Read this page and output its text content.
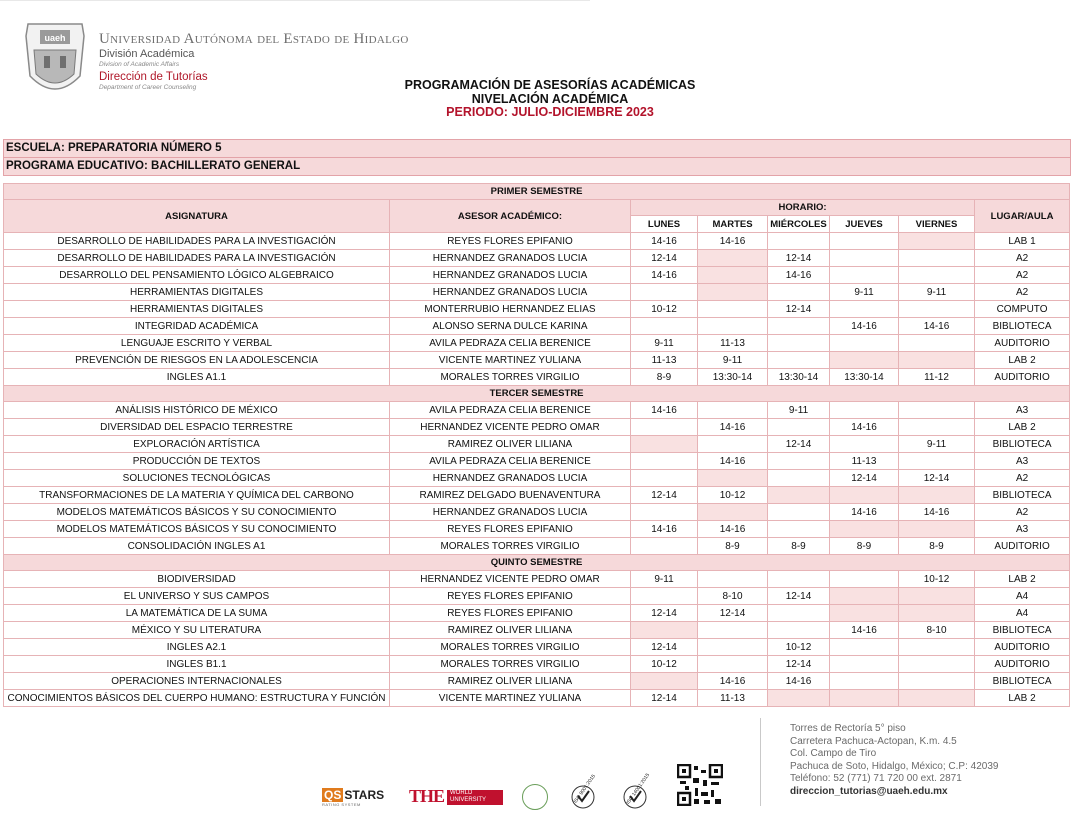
uaeh Universidad Autónoma del Estado de Hidalgo
División Académica
Division of Academic Affairs
Dirección de Tutorías
Department of Career Counseling	PROGRAMACIÓN DE ASESORÍAS ACADÉMICAS
NIVELACIÓN ACADÉMICA
PERIODO: JULIO-DICIEMBRE 2023
ESCUELA: PREPARATORIA NÚMERO 5
PROGRAMA EDUCATIVO: BACHILLERATO GENERAL
PRIMER SEMESTRE							
ASIGNATURA	ASESOR ACADÉMICO:	HORARIO:					LUGAR/AULA
		LUNES	MARTES	MIÉRCOLES	JUEVES	VIERNES	
DESARROLLO DE HABILIDADES PARA LA INVESTIGACIÓN	REYES FLORES EPIFANIO	14-16	14-16				LAB 1
DESARROLLO DE HABILIDADES PARA LA INVESTIGACIÓN	HERNANDEZ GRANADOS LUCIA	12-14		12-14			A2
DESARROLLO DEL PENSAMIENTO LÓGICO ALGEBRAICO	HERNANDEZ GRANADOS LUCIA	14-16		14-16			A2
HERRAMIENTAS DIGITALES	HERNANDEZ GRANADOS LUCIA				9-11	9-11	A2
HERRAMIENTAS DIGITALES	MONTERRUBIO HERNANDEZ ELIAS	10-12		12-14			COMPUTO
INTEGRIDAD ACADÉMICA	ALONSO SERNA DULCE KARINA				14-16	14-16	BIBLIOTECA
LENGUAJE ESCRITO Y VERBAL	AVILA PEDRAZA CELIA BERENICE	9-11	11-13				AUDITORIO
PREVENCIÓN DE RIESGOS EN LA ADOLESCENCIA	VICENTE MARTINEZ YULIANA	11-13	9-11				LAB 2
INGLES A1.1	MORALES TORRES VIRGILIO	8-9	13:30-14	13:30-14	13:30-14	11-12	AUDITORIO
TERCER SEMESTRE							
ANÁLISIS HISTÓRICO DE MÉXICO	AVILA PEDRAZA CELIA BERENICE	14-16		9-11			A3
DIVERSIDAD DEL ESPACIO TERRESTRE	HERNANDEZ VICENTE PEDRO OMAR		14-16		14-16		LAB 2
EXPLORACIÓN ARTÍSTICA	RAMIREZ OLIVER LILIANA			12-14		9-11	BIBLIOTECA
PRODUCCIÓN DE TEXTOS	AVILA PEDRAZA CELIA BERENICE		14-16		11-13		A3
SOLUCIONES TECNOLÓGICAS	HERNANDEZ GRANADOS LUCIA				12-14	12-14	A2
TRANSFORMACIONES DE LA MATERIA Y QUÍMICA DEL CARBONO	RAMIREZ DELGADO BUENAVENTURA	12-14	10-12				BIBLIOTECA
MODELOS MATEMÁTICOS BÁSICOS Y SU CONOCIMIENTO	HERNANDEZ GRANADOS LUCIA				14-16	14-16	A2
MODELOS MATEMÁTICOS BÁSICOS Y SU CONOCIMIENTO	REYES FLORES EPIFANIO	14-16	14-16				A3
CONSOLIDACIÓN INGLES A1	MORALES TORRES VIRGILIO		8-9	8-9	8-9	8-9	AUDITORIO
QUINTO SEMESTRE							
BIODIVERSIDAD	HERNANDEZ VICENTE PEDRO OMAR	9-11				10-12	LAB 2
EL UNIVERSO Y SUS CAMPOS	REYES FLORES EPIFANIO		8-10	12-14			A4
LA MATEMÁTICA DE LA SUMA	REYES FLORES EPIFANIO	12-14	12-14				A4
MÉXICO Y SU LITERATURA	RAMIREZ OLIVER LILIANA				14-16	8-10	BIBLIOTECA
INGLES A2.1	MORALES TORRES VIRGILIO	12-14		10-12			AUDITORIO
INGLES B1.1	MORALES TORRES VIRGILIO	10-12		12-14			AUDITORIO
OPERACIONES INTERNACIONALES	RAMIREZ OLIVER LILIANA		14-16	14-16			BIBLIOTECA
CONOCIMIENTOS BÁSICOS DEL CUERPO HUMANO: ESTRUCTURA Y FUNCIÓN	VICENTE MARTINEZ YULIANA	12-14	11-13				LAB 2
QS STARS
RATING SYSTEM	THE WORLD UNIVERSITY	ISO 9001:2015	ISO 14001:2015
Torres de Rectoría 5° piso
Carretera Pachuca-Actopan, K.m. 4.5
Col. Campo de Tiro
Pachuca de Soto, Hidalgo, México; C.P: 42039
Teléfono: 52 (771) 71 720 00 ext. 2871
direccion_tutorias@uaeh.edu.mx
